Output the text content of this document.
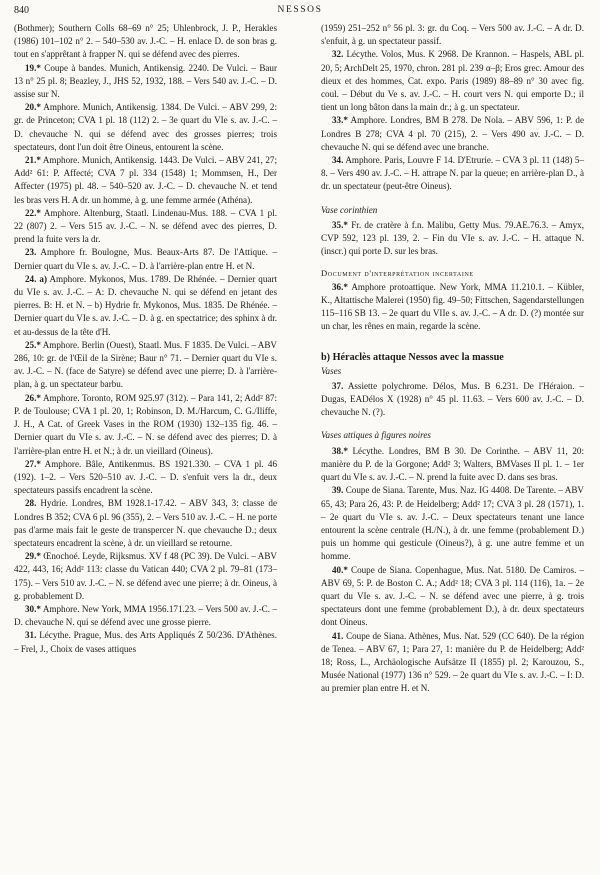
840	NESSOS

(Bothmer); Southern Colls 68–69 n° 25; Uhlenbrock, J. P., Herakles (1986) 101–102 n° 2. – 540–530 av. J.-C. – H. enlace D. de son bras g. tout en s'apprêtant à frapper N. qui se défend avec des pierres.

19.* Coupe à bandes. Munich, Antikensig. 2240. De Vulci. – Baur 13 n° 25 pl. 8; Beazley, J., JHS 52, 1932, 188. – Vers 540 av. J.-C. – D. assise sur N.

20.* Amphore. Munich, Antikensig. 1384. De Vulci. – ABV 299, 2: gr. de Princeton; CVA 1 pl. 18 (112) 2. – 3e quart du VIe s. av. J.-C. – D. chevauche N. qui se défend avec des grosses pierres; trois spectateurs, dont l'un doit être Oineus, entourent la scène.

21.* Amphore. Munich, Antikensig. 1443. De Vulci. – ABV 241, 27; Add² 61: P. Affecté; CVA 7 pl. 334 (1548) 1; Mommsen, H., Der Affecter (1975) pl. 48. – 540–520 av. J.-C. – D. chevauche N. et tend les bras vers H. A dr. un homme, à g. une femme armée (Athéna).

22.* Amphore. Altenburg, Staatl. Lindenau-Mus. 188. – CVA 1 pl. 22 (807) 2. – Vers 515 av. J.-C. – N. se défend avec des pierres, D. prend la fuite vers la dr.

23. Amphore fr. Boulogne, Mus. Beaux-Arts 87. De l'Attique. – Dernier quart du VIe s. av. J.-C. – D. à l'arrière-plan entre H. et N.

24. a) Amphore. Mykonos, Mus. 1789. De Rhénée. – Dernier quart du VIe s. av. J.-C. – A: D. chevauche N. qui se défend en jetant des pierres. B: H. et N. – b) Hydrie fr. Mykonos, Mus. 1835. De Rhénée. – Dernier quart du VIe s. av. J.-C. – D. à g. en spectatrice; des sphinx à dr. et au-dessus de la tête d'H.

25.* Amphore. Berlin (Ouest), Staatl. Mus. F 1835. De Vulci. – ABV 286, 10: gr. de l'Œil de la Sirène; Baur n° 71. – Dernier quart du VIe s. av. J.-C. – N. (face de Satyre) se défend avec une pierre; D. à l'arrière-plan, à g. un spectateur barbu.

26.* Amphore. Toronto, ROM 925.97 (312). – Para 141, 2; Add² 87: P. de Toulouse; CVA 1 pl. 20, 1; Robinson, D. M./Harcum, C. G./Iliffe, J. H., A Cat. of Greek Vases in the ROM (1930) 132–135 fig. 46. – Dernier quart du VIe s. av. J.-C. – N. se défend avec des pierres; D. à l'arrière-plan entre H. et N.; à dr. un vieillard (Oineus).

27.* Amphore. Bâle, Antikenmus. BS 1921.330. – CVA 1 pl. 46 (192). 1–2. – Vers 520–510 av. J.-C. – D. s'enfuit vers la dr., deux spectateurs passifs encadrent la scène.

28. Hydrie. Londres, BM 1928.1-17.42. – ABV 343, 3: classe de Londres B 352; CVA 6 pl. 96 (355), 2. – Vers 510 av. J.-C. – H. ne porte pas d'arme mais fait le geste de transpercer N. que chevauche D.; deux spectateurs encadrent la scène, à dr. un vieillard se retourne.

29.* Œnochoé. Leyde, Rijksmus. XV f 48 (PC 39). De Vulci. – ABV 422, 443, 16; Add² 113: classe du Vatican 440; CVA 2 pl. 79–81 (173–175). – Vers 510 av. J.-C. – N. se défend avec une pierre; à dr. Oineus, à g. probablement D.

30.* Amphore. New York, MMA 1956.171.23. – Vers 500 av. J.-C. – D. chevauche N. qui se défend avec une grosse pierre.

31. Lécythe. Prague, Mus. des Arts Appliqués Z 50/236. D'Athènes. – Frel, J., Choix de vases attiques

(1959) 251–252 n° 56 pl. 3: gr. du Coq. – Vers 500 av. J.-C. – A dr. D. s'enfuit, à g. un spectateur passif.

32. Lécythe. Volos, Mus. K 2968. De Krannon. – Haspels, ABL pl. 20, 5; ArchDelt 25, 1970, chron. 281 pl. 239 α–β; Eros grec. Amour des dieux et des hommes, Cat. expo. Paris (1989) 88–89 n° 30 avec fig. coul. – Début du Ve s. av. J.-C. – H. court vers N. qui emporte D.; il tient un long bâton dans la main dr.; à g. un spectateur.

33.* Amphore. Londres, BM B 278. De Nola. – ABV 596, 1: P. de Londres B 278; CVA 4 pl. 70 (215), 2. – Vers 490 av. J.-C. – D. chevauche N. qui se défend avec une branche.

34. Amphore. Paris, Louvre F 14. D'Etrurie. – CVA 3 pl. 11 (148) 5–8. – Vers 490 av. J.-C. – H. attrape N. par la queue; en arrière-plan D., à dr. un spectateur (peut-être Oineus).

Vase corinthien

35.* Fr. de cratère à f.n. Malibu, Getty Mus. 79.AE.76.3. – Amyx, CVP 592, 123 pl. 139, 2. – Fin du VIe s. av. J.-C. – H. attaque N. (inscr.) qui porte D. sur les bras.

Document d'interprétation incertaine

36.* Amphore protoattique. New York, MMA 11.210.1. – Kübler, K., Altattische Malerei (1950) fig. 49–50; Fittschen, Sagendarstellungen 115–116 SB 13. – 2e quart du VIIe s. av. J.-C. – A dr. D. (?) montée sur un char, les rênes en main, regarde la scène.

b) Héraclès attaque Nessos avec la massue

Vases

37. Assiette polychrome. Délos, Mus. B 6.231. De l'Héraion. – Dugas, EADélos X (1928) n° 45 pl. 11.63. – Vers 600 av. J.-C. – D. chevauche N. (?).

Vases attiques à figures noires

38.* Lécythe. Londres, BM B 30. De Corinthe. – ABV 11, 20: manière du P. de la Gorgone; Add² 3; Walters, BMVases II pl. 1. – 1er quart du VIe s. av. J.-C. – N. prend la fuite avec D. dans ses bras.

39. Coupe de Siana. Tarente, Mus. Naz. IG 4408. De Tarente. – ABV 65, 43; Para 26, 43: P. de Heidelberg; Add² 17; CVA 3 pl. 28 (1571), 1. – 2e quart du VIe s. av. J.-C. – Deux spectateurs tenant une lance entourent la scène centrale (H./N.), à dr. une femme (probablement D.) puis un homme qui gesticule (Oineus?), à g. une autre femme et un homme.

40.* Coupe de Siana. Copenhague, Mus. Nat. 5180. De Camiros. – ABV 69, 5: P. de Boston C. A.; Add² 18; CVA 3 pl. 114 (116), 1a. – 2e quart du VIe s. av. J.-C. – N. se défend avec une pierre, à g. trois spectateurs dont une femme (probablement D.), à dr. deux spectateurs dont Oineus.

41. Coupe de Siana. Athènes, Mus. Nat. 529 (CC 640). De la région de Tenea. – ABV 67, 1; Para 27, 1: manière du P. de Heidelberg; Add² 18; Ross, L., Archäologische Aufsätze II (1855) pl. 2; Karouzou, S., Musée National (1977) 136 n° 529. – 2e quart du VIe s. av. J.-C. – I: D. au premier plan entre H. et N.
